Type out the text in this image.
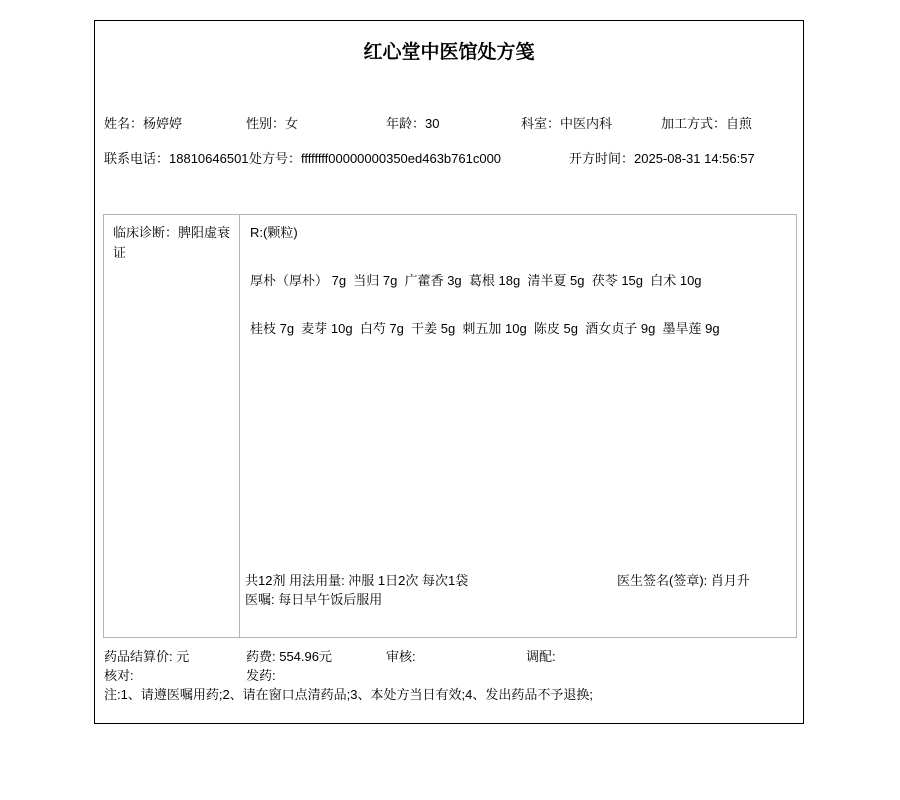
红心堂中医馆处方笺
姓名：杨婷婷	性别：女	年龄：30	科室：中医内科	加工方式：自煎
联系电话：18810646501 处方号：ffffffff00000000350ed463b761c000	开方时间：2025-08-31 14:56:57
临床诊断：脾阳虚衰证
R:(颗粒)
厚朴（厚朴） 7g  当归 7g  广藿香 3g  葛根 18g  清半夏 5g  茯苓 15g  白术 10g
桂枝 7g  麦芽 10g  白芍 7g  干姜 5g  刺五加 10g  陈皮 5g  酒女贞子 9g  墨旱莲 9g
共12剂 用法用量: 冲服 1日2次 每次1袋	医生签名(签章): 肖月升
医嘱: 每日早午饭后服用
药品结算价: 元	药费: 554.96元	审核:	调配:
核对:	发药:
注:1、请遵医嘱用药;2、请在窗口点清药品;3、本处方当日有效;4、发出药品不予退换;
